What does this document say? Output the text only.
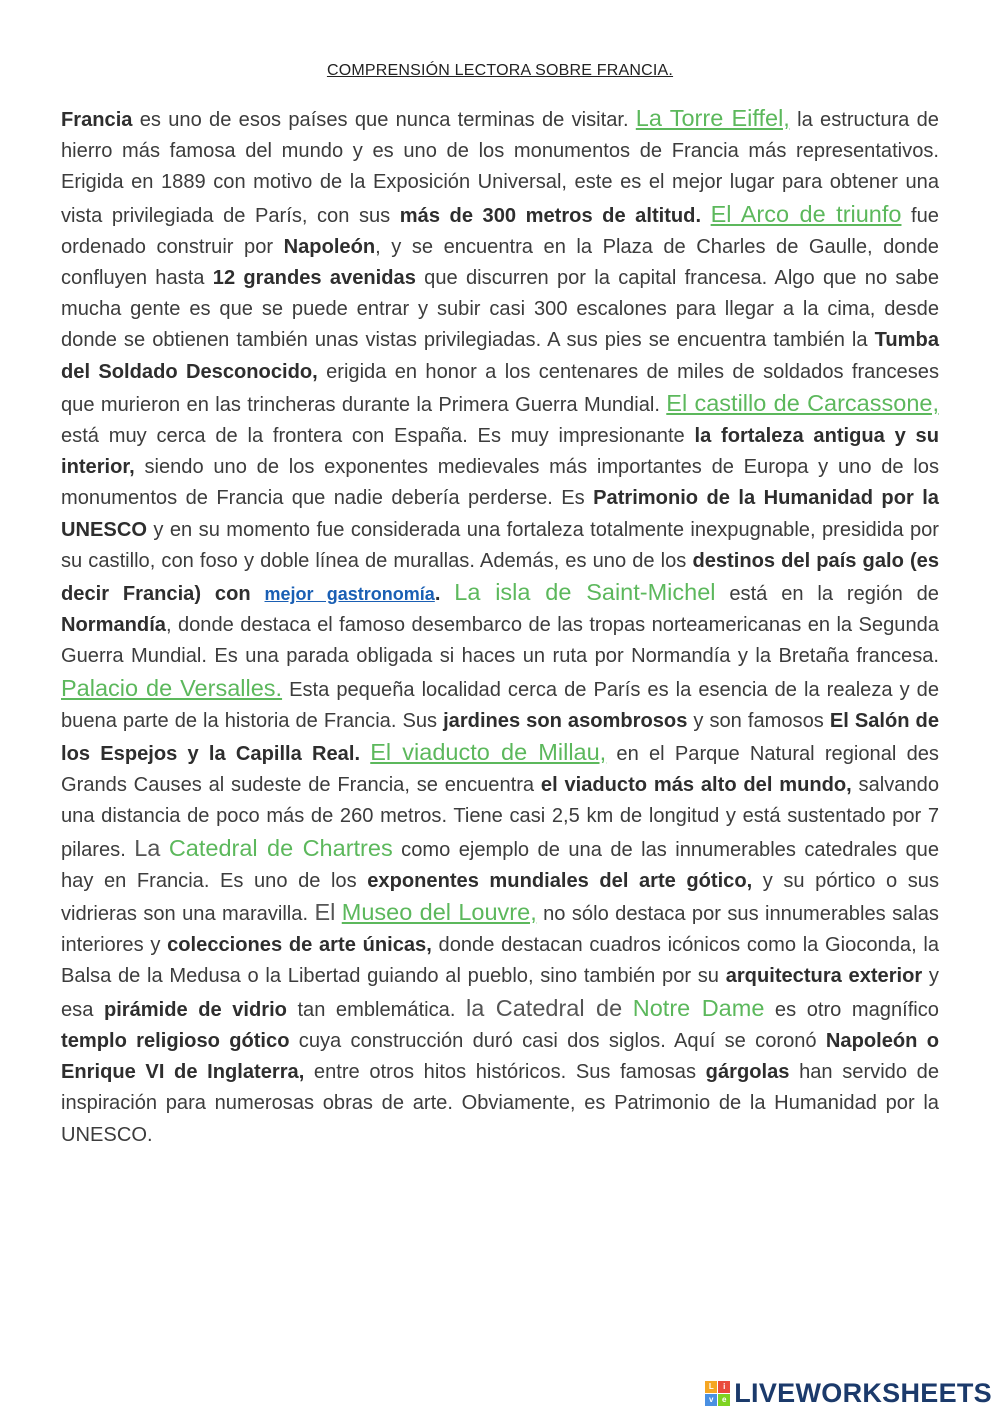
COMPRENSIÓN LECTORA SOBRE FRANCIA.
Francia es uno de esos países que nunca terminas de visitar. La Torre Eiffel, la estructura de hierro más famosa del mundo y es uno de los monumentos de Francia más representativos. Erigida en 1889 con motivo de la Exposición Universal, este es el mejor lugar para obtener una vista privilegiada de París, con sus más de 300 metros de altitud. El Arco de triunfo fue ordenado construir por Napoleón, y se encuentra en la Plaza de Charles de Gaulle, donde confluyen hasta 12 grandes avenidas que discurren por la capital francesa. Algo que no sabe mucha gente es que se puede entrar y subir casi 300 escalones para llegar a la cima, desde donde se obtienen también unas vistas privilegiadas. A sus pies se encuentra también la Tumba del Soldado Desconocido, erigida en honor a los centenares de miles de soldados franceses que murieron en las trincheras durante la Primera Guerra Mundial. El castillo de Carcassone, está muy cerca de la frontera con España. Es muy impresionante la fortaleza antigua y su interior, siendo uno de los exponentes medievales más importantes de Europa y uno de los monumentos de Francia que nadie debería perderse. Es Patrimonio de la Humanidad por la UNESCO y en su momento fue considerada una fortaleza totalmente inexpugnable, presidida por su castillo, con foso y doble línea de murallas. Además, es uno de los destinos del país galo (es decir Francia) con mejor gastronomía. La isla de Saint-Michel está en la región de Normandía, donde destaca el famoso desembarco de las tropas norteamericanas en la Segunda Guerra Mundial. Es una parada obligada si haces un ruta por Normandía y la Bretaña francesa. Palacio de Versalles. Esta pequeña localidad cerca de París es la esencia de la realeza y de buena parte de la historia de Francia. Sus jardines son asombrosos y son famosos El Salón de los Espejos y la Capilla Real. El viaducto de Millau, en el Parque Natural regional des Grands Causes al sudeste de Francia, se encuentra el viaducto más alto del mundo, salvando una distancia de poco más de 260 metros. Tiene casi 2,5 km de longitud y está sustentado por 7 pilares. La Catedral de Chartres como ejemplo de una de las innumerables catedrales que hay en Francia. Es uno de los exponentes mundiales del arte gótico, y su pórtico o sus vidrieras son una maravilla. El Museo del Louvre, no sólo destaca por sus innumerables salas interiores y colecciones de arte únicas, donde destacan cuadros icónicos como la Gioconda, la Balsa de la Medusa o la Libertad guiando al pueblo, sino también por su arquitectura exterior y esa pirámide de vidrio tan emblemática. la Catedral de Notre Dame es otro magnífico templo religioso gótico cuya construcción duró casi dos siglos. Aquí se coronó Napoleón o Enrique VI de Inglaterra, entre otros hitos históricos. Sus famosas gárgolas han servido de inspiración para numerosas obras de arte. Obviamente, es Patrimonio de la Humanidad por la UNESCO.
L	i
v	e LIVEWORKSHEETS
